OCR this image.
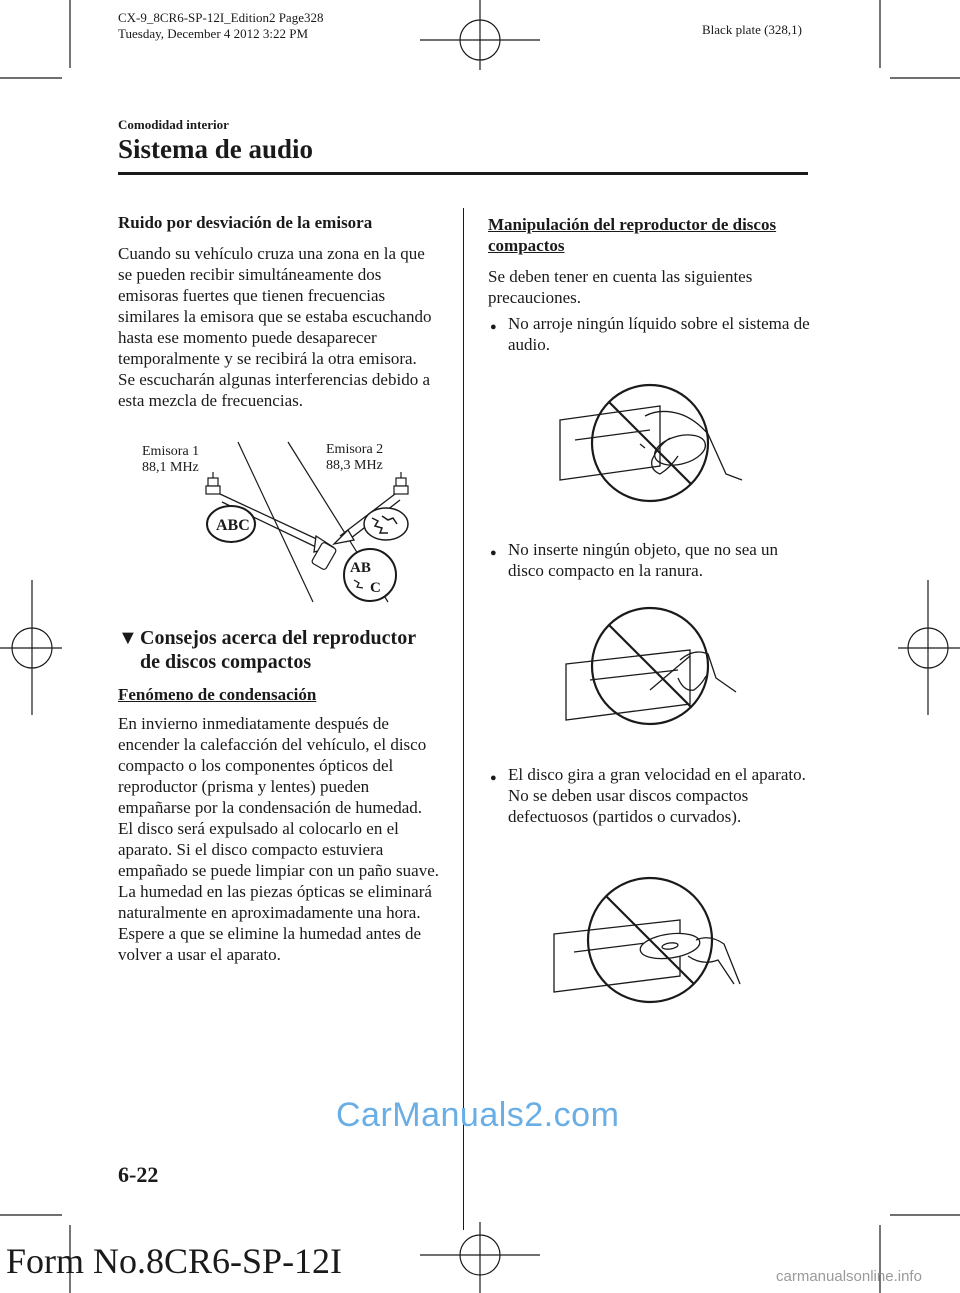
CX-9_8CR6-SP-12I_Edition2 Page328
Tuesday, December 4 2012 3:22 PM	Black plate (328,1)
Comodidad interior
Sistema de audio

Ruido por desviación de la emisora

Cuando su vehículo cruza una zona en la que se pueden recibir simultáneamente dos emisoras fuertes que tienen frecuencias similares la emisora que se estaba escuchando hasta ese momento puede desaparecer temporalmente y se recibirá la otra emisora. Se escucharán algunas interferencias debido a esta mezcla de frecuencias.

ABC
AB
C
Emisora 1
88,1 MHz
Emisora 2
88,3 MHz
▼ Consejos acerca del reproductor
de discos compactos

Fenómeno de condensación

En invierno inmediatamente después de encender la calefacción del vehículo, el disco compacto o los componentes ópticos del reproductor (prisma y lentes) pueden empañarse por la condensación de humedad. El disco será expulsado al colocarlo en el aparato. Si el disco compacto estuviera empañado se puede limpiar con un paño suave. La humedad en las piezas ópticas se eliminará naturalmente en aproximadamente una hora. Espere a que se elimine la humedad antes de volver a usar el aparato.

Manipulación del reproductor de discos compactos

Se deben tener en cuenta las siguientes precauciones.

● No arroje ningún líquido sobre el sistema de audio.
● No inserte ningún objeto, que no sea un disco compacto en la ranura.
● El disco gira a gran velocidad en el aparato. No se deben usar discos compactos defectuosos (partidos o curvados).
CarManuals2.com
6-22
Form No.8CR6-SP-12I	carmanualsonline.info
